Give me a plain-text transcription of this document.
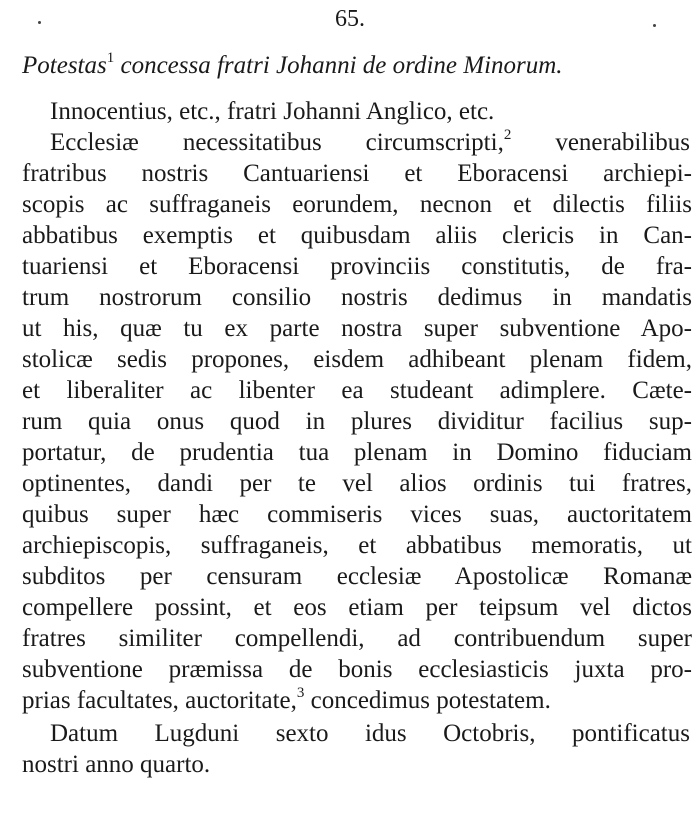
65.
Potestas$^1$ concessa fratri Johanni de ordine Minorum.
Innocentius, etc., fratri Johanni Anglico, etc.
Ecclesiæ necessitatibus circumscripti,$^2$ venerabilibus
fratribus nostris Cantuariensi et Eboracensi archiepi-
scopis ac suffraganeis eorundem, necnon et dilectis filiis
abbatibus exemptis et quibusdam aliis clericis in Can-
tuariensi et Eboracensi provinciis constitutis, de fra-
trum nostrorum consilio nostris dedimus in mandatis
ut his, quæ tu ex parte nostra super subventione Apo-
stolicæ sedis propones, eisdem adhibeant plenam fidem,
et liberaliter ac libenter ea studeant adimplere. Cæte-
rum quia onus quod in plures dividitur facilius sup-
portatur, de prudentia tua plenam in Domino fiduciam
optinentes, dandi per te vel alios ordinis tui fratres,
quibus super hæc commiseris vices suas, auctoritatem
archiepiscopis, suffraganeis, et abbatibus memoratis, ut
subditos per censuram ecclesiæ Apostolicæ Romanæ
compellere possint, et eos etiam per teipsum vel dictos
fratres similiter compellendi, ad contribuendum super
subventione præmissa de bonis ecclesiasticis juxta pro-
prias facultates, auctoritate,$^3$ concedimus potestatem.
Datum Lugduni sexto idus Octobris, pontificatus
nostri anno quarto.
